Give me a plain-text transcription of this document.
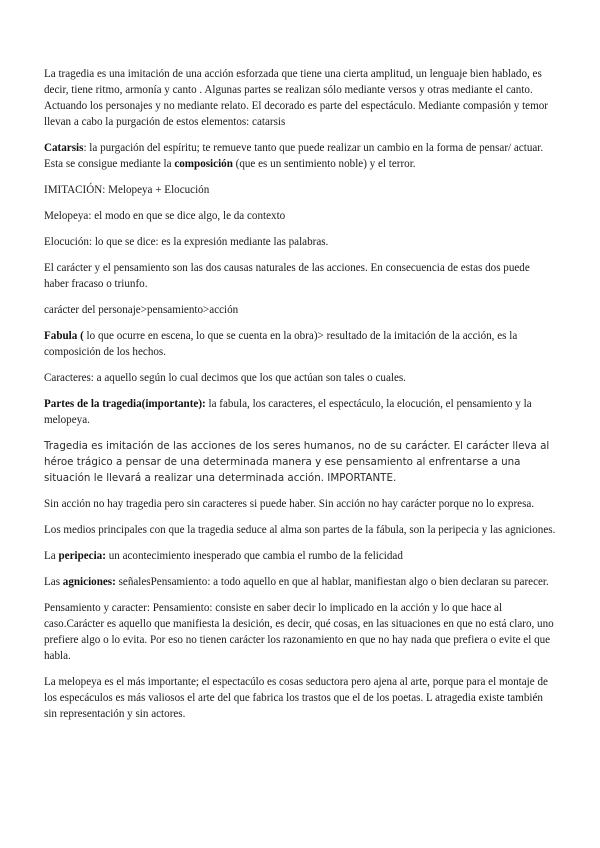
La tragedia es una imitación de una acción esforzada que tiene una cierta amplitud, un lenguaje bien hablado, es decir, tiene ritmo, armonía y canto . Algunas partes se realizan sólo mediante versos y otras mediante el canto. Actuando los personajes y no mediante relato. El decorado es parte del espectáculo. Mediante compasión y temor llevan a cabo la purgación de estos elementos: catarsis

Catarsis: la purgación del espíritu; te remueve tanto que puede realizar un cambio en la forma de pensar/ actuar. Esta se consigue mediante la composición (que es un sentimiento noble) y el terror.

IMITACIÓN: Melopeya + Elocución

Melopeya: el modo en que se dice algo, le da contexto

Elocución: lo que se dice: es la expresión mediante las palabras.

El carácter y el pensamiento son las dos causas naturales de las acciones. En consecuencia de estas dos puede haber fracaso o triunfo.

carácter del personaje>pensamiento>acción

Fabula ( lo que ocurre en escena, lo que se cuenta en la obra)> resultado de la imitación de la acción, es la composición de los hechos.

Caracteres: a aquello según lo cual decimos que los que actúan son tales o cuales.

Partes de la tragedia(importante): la fabula, los caracteres, el espectáculo, la elocución, el pensamiento y la melopeya.

Tragedia es imitación de las acciones de los seres humanos, no de su carácter. El carácter lleva al héroe trágico a pensar de una determinada manera y ese pensamiento al enfrentarse a una situación le llevará a realizar una determinada acción. IMPORTANTE.

Sin acción no hay tragedia pero sin caracteres si puede haber. Sin acción no hay carácter porque no lo expresa.

Los medios principales con que la tragedia seduce al alma son partes de la fábula, son la peripecia y las agniciones.

La peripecia: un acontecimiento inesperado que cambia el rumbo de la felicidad

Las agniciones: señalesPensamiento: a todo aquello en que al hablar, manifiestan algo o bien declaran su parecer.

Pensamiento y caracter: Pensamiento: consiste en saber decir lo implicado en la acción y lo que hace al caso.Carácter es aquello que manifiesta la desición, es decir, qué cosas, en las situaciones en que no está claro, uno prefiere algo o lo evita. Por eso no tienen carácter los razonamiento en que no hay nada que prefiera o evite el que habla.

La melopeya es el más importante; el espectacúlo es cosas seductora pero ajena al arte, porque para el montaje de los especáculos es más valiosos el arte del que fabrica los trastos que el de los poetas. L atragedia existe también sin representación y sin actores.
